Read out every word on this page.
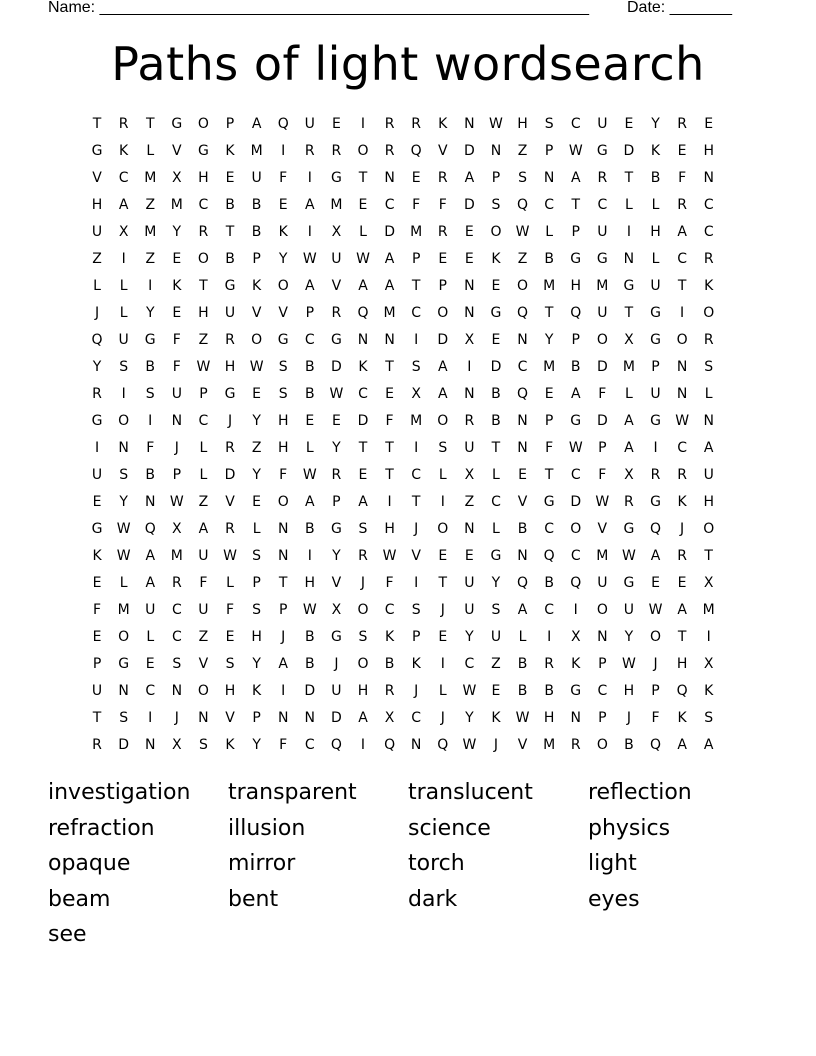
Name: _______________________________________________________ Date: _______
Paths of light wordsearch
T	R	T	G	O	P	A	Q	U	E	I	R	R	K	N W H	S	C	U	E	Y	R	E
G	K	L	V	G	K	M	I	R	R	O	R	Q	V	D	N	Z	P	W G	D	K	E	H
V	C	M	X	H	E	U	F	I	G	T	N	E	R	A	P	S	N	A	R	T	B	F	N
H	A	Z	M	C	B	B	E	A	M	E	C	F	F	D	S	Q	C	T	C	L	L	R	C
U	X	M	Y	R	T	B	K	I	X	L	D	M	R	E	O W	L	P	U	I	H	A	C
Z	I	Z	E	O	B	P	Y	W	U	W	A	P	E	E	K	Z	B	G	G	N	L	C	R
L	L	I	K	T	G	K	O	A	V	A	A	T	P	N	E	O	M	H	M	G	U	T	K
J	L	Y	E	H	U	V	V	P	R	Q	M	C	O	N	G	Q	T	Q	U	T	G	I	O
Q	U	G	F	Z	R	O	G	C	G	N	N	I	D	X	E	N	Y	P	O	X	G	O	R
Y	S	B	F	W H W	S	B	D	K	T	S	A	I	D	C	M	B	D	M	P	N	S
R	I	S	U	P	G	E	S	B	W	C	E	X	A	N	B	Q	E	A	F	L	U	N	L
G	O	I	N	C	J	Y	H	E	E	D	F	M	O	R	B	N	P	G	D	A	G W N
I	N	F	J	L	R	Z	H	L	Y	T	T	I	S	U	T	N	F	W	P	A	I	C	A
U	S	B	P	L	D	Y	F	W	R	E	T	C	L	X	L	E	T	C	F	X	R	R	U
E	Y	N W	Z	V	E	O	A	P	A	I	T	I	Z	C	V	G	D W	R	G	K	H
G W Q	X	A	R	L	N	B	G	S	H	J	O	N	L	B	C	O	V	G	Q	J	O
K	W	A	M	U	W	S	N	I	Y	R	W	V	E	E	G	N	Q	C	M W	A	R	T
E	L	A	R	F	L	P	T	H	V	J	F	I	T	U	Y	Q	B	Q	U	G	E	E	X
F	M	U	C	U	F	S	P	W	X	O	C	S	J	U	S	A	C	I	O	U	W	A	M
E	O	L	C	Z	E	H	J	B	G	S	K	P	E	Y	U	L	I	X	N	Y	O	T	I
P	G	E	S	V	S	Y	A	B	J	O	B	K	I	C	Z	B	R	K	P	W	J	H	X
U	N	C	N	O	H	K	I	D	U	H	R	J	L	W	E	B	B	G	C	H	P	Q	K
T	S	I	J	N	V	P	N	N	D	A	X	C	J	Y	K	W H	N	P	J	F	K	S
R	D	N	X	S	K	Y	F	C	Q	I	Q	N	Q W	J	V	M	R	O	B	Q	A	A
investigation	transparent	translucent	reflection
refraction	illusion	science	physics
opaque	mirror	torch	light
beam	bent	dark	eyes
see
